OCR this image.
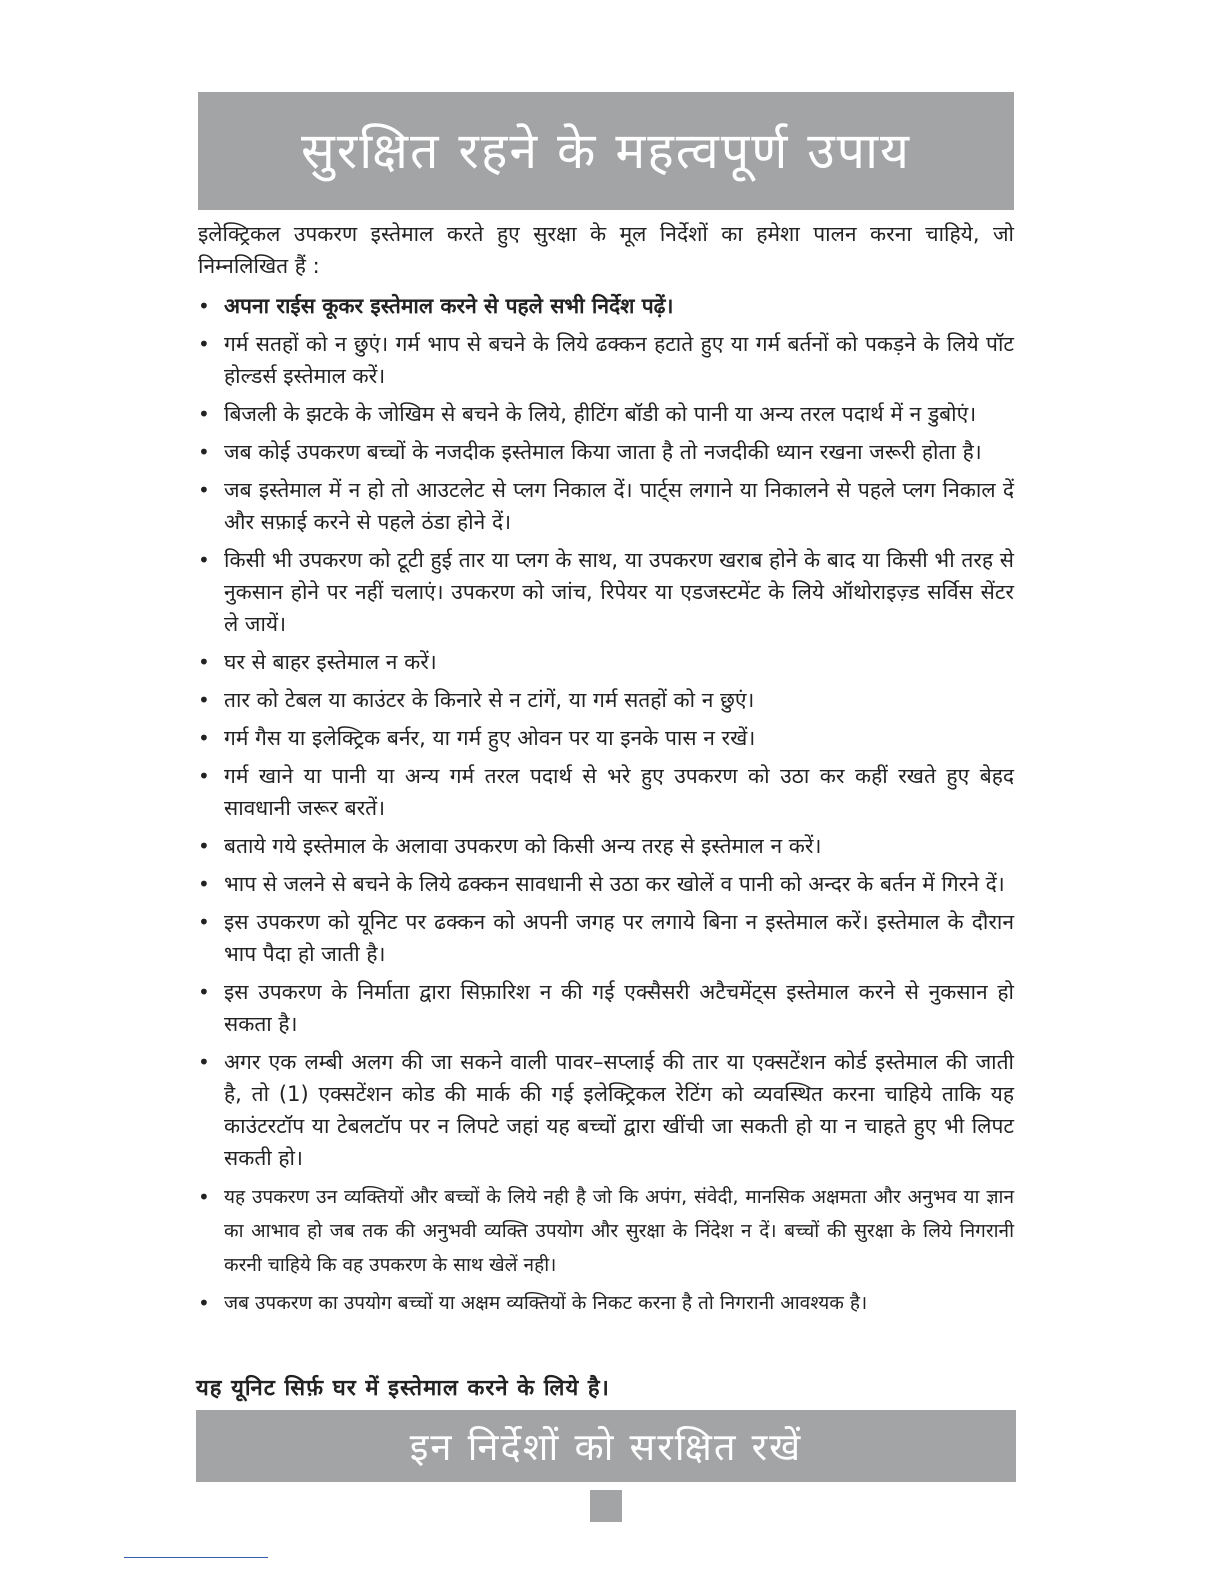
सुरक्षित रहने के महत्वपूर्ण उपाय

इलेक्ट्रिकल उपकरण इस्तेमाल करते हुए सुरक्षा के मूल निर्देशों का हमेशा पालन करना चाहिये, जो निम्नलिखित हैं :

• अपना राईस कूकर इस्तेमाल करने से पहले सभी निर्देश पढ़ें।
• गर्म सतहों को न छुएं। गर्म भाप से बचने के लिये ढक्कन हटाते हुए या गर्म बर्तनों को पकड़ने के लिये पॉट होल्डर्स इस्तेमाल करें।
• बिजली के झटके के जोखिम से बचने के लिये, हीटिंग बॉडी को पानी या अन्य तरल पदार्थ में न डुबोएं।
• जब कोई उपकरण बच्चों के नजदीक इस्तेमाल किया जाता है तो नजदीकी ध्यान रखना जरूरी होता है।
• जब इस्तेमाल में न हो तो आउटलेट से प्लग निकाल दें। पार्ट्स लगाने या निकालने से पहले प्लग निकाल दें और सफ़ाई करने से पहले ठंडा होने दें।
• किसी भी उपकरण को टूटी हुई तार या प्लग के साथ, या उपकरण खराब होने के बाद या किसी भी तरह से नुकसान होने पर नहीं चलाएं। उपकरण को जांच, रिपेयर या एडजस्टमेंट के लिये ऑथोराइज़्ड सर्विस सेंटर ले जायें।
• घर से बाहर इस्तेमाल न करें।
• तार को टेबल या काउंटर के किनारे से न टांगें, या गर्म सतहों को न छुएं।
• गर्म गैस या इलेक्ट्रिक बर्नर, या गर्म हुए ओवन पर या इनके पास न रखें।
• गर्म खाने या पानी या अन्य गर्म तरल पदार्थ से भरे हुए उपकरण को उठा कर कहीं रखते हुए बेहद सावधानी जरूर बरतें।
• बताये गये इस्तेमाल के अलावा उपकरण को किसी अन्य तरह से इस्तेमाल न करें।
• भाप से जलने से बचने के लिये ढक्कन सावधानी से उठा कर खोलें व पानी को अन्दर के बर्तन में गिरने दें।
• इस उपकरण को यूनिट पर ढक्कन को अपनी जगह पर लगाये बिना न इस्तेमाल करें। इस्तेमाल के दौरान भाप पैदा हो जाती है।
• इस उपकरण के निर्माता द्वारा सिफ़ारिश न की गई एक्सैसरी अटैचमेंट्स इस्तेमाल करने से नुकसान हो सकता है।
• अगर एक लम्बी अलग की जा सकने वाली पावर–सप्लाई की तार या एक्सटेंशन कोर्ड इस्तेमाल की जाती है, तो (1) एक्सटेंशन कोड की मार्क की गई इलेक्ट्रिकल रेटिंग को व्यवस्थित करना चाहिये ताकि यह काउंटरटॉप या टेबलटॉप पर न लिपटे जहां यह बच्चों द्वारा खींची जा सकती हो या न चाहते हुए भी लिपट सकती हो।
• यह उपकरण उन व्यक्तियों और बच्चों के लिये नही है जो कि अपंग, संवेदी, मानसिक अक्षमता और अनुभव या ज्ञान का आभाव हो जब तक की अनुभवी व्यक्ति उपयोग और सुरक्षा के निंदेश न दें। बच्चों की सुरक्षा के लिये निगरानी करनी चाहिये कि वह उपकरण के साथ खेलें नही।
• जब उपकरण का उपयोग बच्चों या अक्षम व्यक्तियों के निकट करना है तो निगरानी आवश्यक है।

यह यूनिट सिर्फ़ घर में इस्तेमाल करने के लिये है।

इन निर्देशों को सरक्षित रखें
